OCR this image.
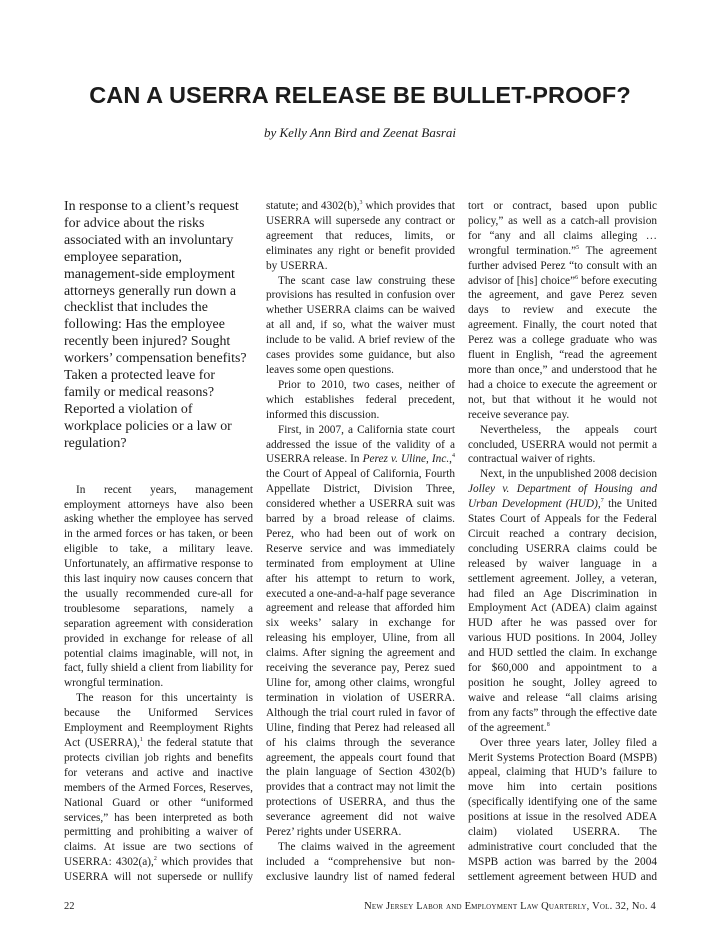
CAN A USERRA RELEASE BE BULLET-PROOF?
by Kelly Ann Bird and Zeenat Basrai

In response to a client’s request for advice about the risks associated with an involuntary employee separation, management-side employment attorneys generally run down a checklist that includes the following: Has the employee recently been injured? Sought workers’ compensation benefits? Taken a protected leave for family or medical reasons? Reported a violation of workplace policies or a law or regulation?

In recent years, management employment attorneys have also been asking whether the employee has served in the armed forces or has taken, or been eligible to take, a military leave. Unfortunately, an affirmative response to this last inquiry now causes concern that the usually recommended cure-all for troublesome separations, namely a separation agreement with consideration provided in exchange for release of all potential claims imaginable, will not, in fact, fully shield a client from liability for wrongful termination.

The reason for this uncertainty is because the Uniformed Services Employment and Reemployment Rights Act (USERRA),$^1$ the federal statute that protects civilian job rights and benefits for veterans and active and inactive members of the Armed Forces, Reserves, National Guard or other “uniformed services,” has been interpreted as both permitting and prohibiting a waiver of claims. At issue are two sections of USERRA: 4302(a),$^2$ which provides that USERRA will not supersede or nullify

statute; and 4302(b),$^3$ which provides that USERRA will supersede any contract or agreement that reduces, limits, or eliminates any right or benefit provided by USERRA.

The scant case law construing these provisions has resulted in confusion over whether USERRA claims can be waived at all and, if so, what the waiver must include to be valid. A brief review of the cases provides some guidance, but also leaves some open questions.

Prior to 2010, two cases, neither of which establishes federal precedent, informed this discussion.

First, in 2007, a California state court addressed the issue of the validity of a USERRA release. In Perez v. Uline, Inc.,$^4$ the Court of Appeal of California, Fourth Appellate District, Division Three, considered whether a USERRA suit was barred by a broad release of claims. Perez, who had been out of work on Reserve service and was immediately terminated from employment at Uline after his attempt to return to work, executed a one-and-a-half page severance agreement and release that afforded him six weeks’ salary in exchange for releasing his employer, Uline, from all claims. After signing the agreement and receiving the severance pay, Perez sued Uline for, among other claims, wrongful termination in violation of USERRA. Although the trial court ruled in favor of Uline, finding that Perez had released all of his claims through the severance agreement, the appeals court found that the plain language of Section 4302(b) provides that a contract may not limit the protections of USERRA, and thus the severance agreement did not waive Perez’ rights under USERRA.

The claims waived in the agreement included a “comprehensive but non-exclusive laundry list of named federal

tort or contract, based upon public policy,” as well as a catch-all provision for “any and all claims alleging …wrongful termination.”$^5$ The agreement further advised Perez “to consult with an advisor of [his] choice”$^6$ before executing the agreement, and gave Perez seven days to review and execute the agreement. Finally, the court noted that Perez was a college graduate who was fluent in English, “read the agreement more than once,” and understood that he had a choice to execute the agreement or not, but that without it he would not receive severance pay.

Nevertheless, the appeals court concluded, USERRA would not permit a contractual waiver of rights.

Next, in the unpublished 2008 decision Jolley v. Department of Housing and Urban Development (HUD),$^7$ the United States Court of Appeals for the Federal Circuit reached a contrary decision, concluding USERRA claims could be released by waiver language in a settlement agreement. Jolley, a veteran, had filed an Age Discrimination in Employment Act (ADEA) claim against HUD after he was passed over for various HUD positions. In 2004, Jolley and HUD settled the claim. In exchange for $60,000 and appointment to a position he sought, Jolley agreed to waive and release “all claims arising from any facts” through the effective date of the agreement.$^8$

Over three years later, Jolley filed a Merit Systems Protection Board (MSPB) appeal, claiming that HUD’s failure to move him into certain positions (specifically identifying one of the same positions at issue in the resolved ADEA claim) violated USERRA. The administrative court concluded that the MSPB action was barred by the 2004 settlement agreement between HUD and

22	New Jersey Labor and Employment Law Quarterly, Vol. 32, No. 4
